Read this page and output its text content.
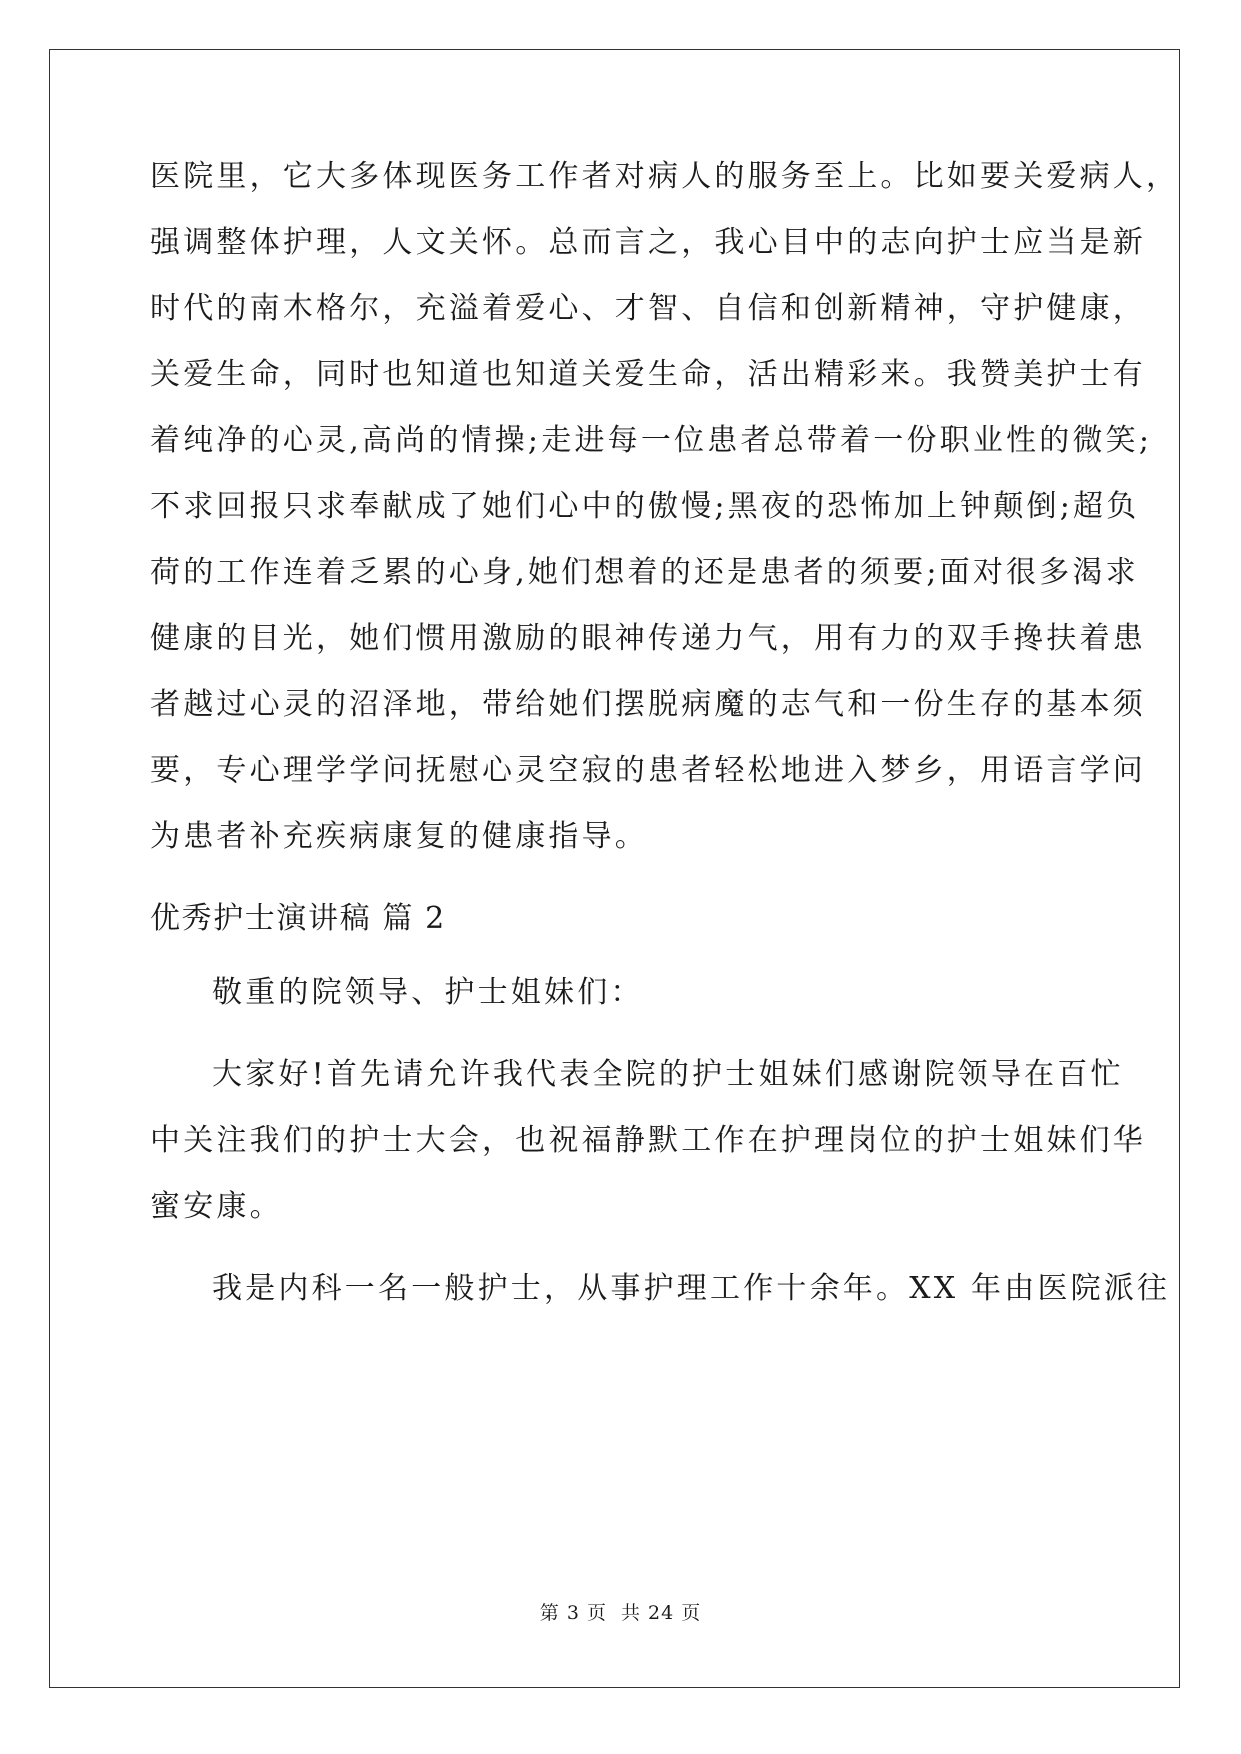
医院里，它大多体现医务工作者对病人的服务至上。比如要关爱病人，
强调整体护理，人文关怀。总而言之，我心目中的志向护士应当是新
时代的南木格尔，充溢着爱心、才智、自信和创新精神，守护健康，
关爱生命，同时也知道也知道关爱生命，活出精彩来。我赞美护士有
着纯净的心灵,高尚的情操;走进每一位患者总带着一份职业性的微笑;
不求回报只求奉献成了她们心中的傲慢;黑夜的恐怖加上钟颠倒;超负
荷的工作连着乏累的心身,她们想着的还是患者的须要;面对很多渴求
健康的目光，她们惯用激励的眼神传递力气，用有力的双手搀扶着患
者越过心灵的沼泽地，带给她们摆脱病魔的志气和一份生存的基本须
要，专心理学学问抚慰心灵空寂的患者轻松地进入梦乡，用语言学问
为患者补充疾病康复的健康指导。
优秀护士演讲稿 篇 2
敬重的院领导、护士姐妹们：
大家好!首先请允许我代表全院的护士姐妹们感谢院领导在百忙
中关注我们的护士大会，也祝福静默工作在护理岗位的护士姐妹们华
蜜安康。
我是内科一名一般护士，从事护理工作十余年。XX 年由医院派往
第 3 页 共 24 页
